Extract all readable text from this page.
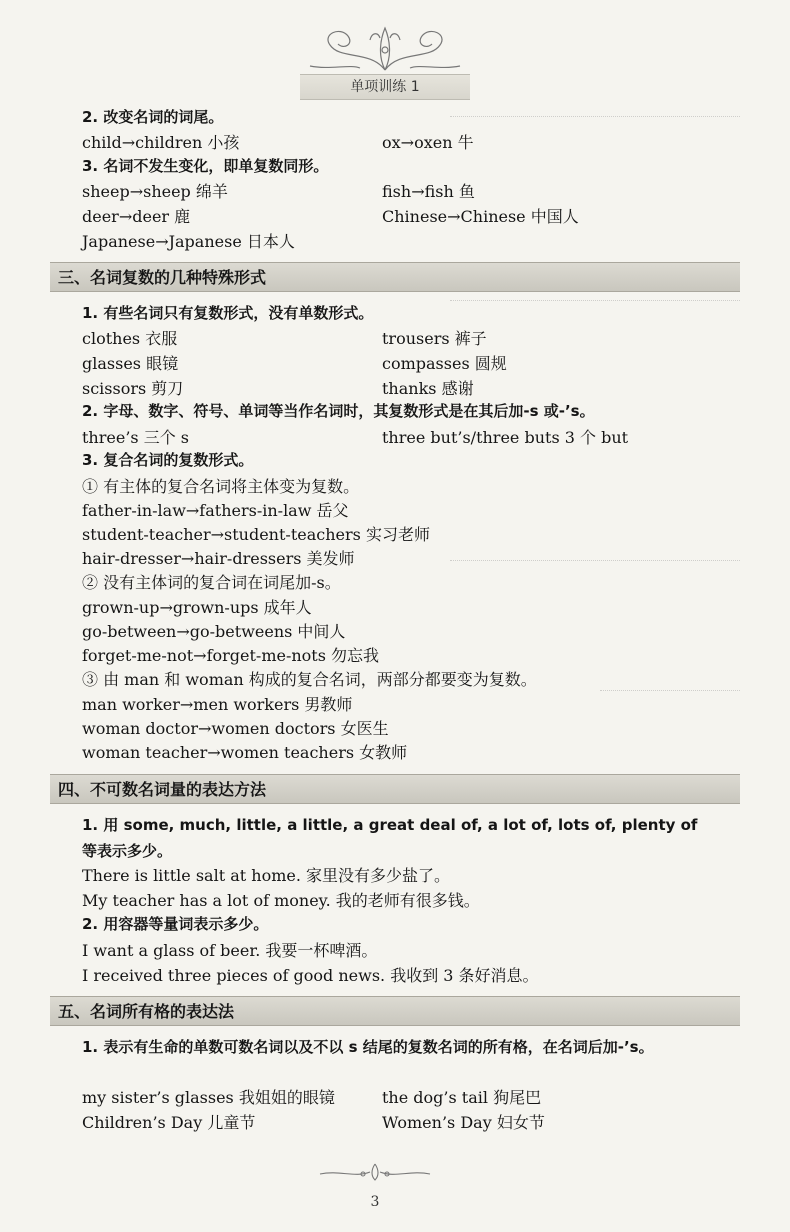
单项训练 1
2. 改变名词的词尾。
child→children 小孩	ox→oxen 牛
3. 名词不发生变化，即单复数同形。
sheep→sheep 绵羊	fish→fish 鱼
deer→deer 鹿	Chinese→Chinese 中国人
Japanese→Japanese 日本人
三、名词复数的几种特殊形式
1. 有些名词只有复数形式，没有单数形式。
clothes 衣服	trousers 裤子
glasses 眼镜	compasses 圆规
scissors 剪刀	thanks 感谢
2. 字母、数字、符号、单词等当作名词时，其复数形式是在其后加-s 或-’s。
three’s 三个 s	three but’s/three buts 3 个 but
3. 复合名词的复数形式。
① 有主体的复合名词将主体变为复数。
father-in-law→fathers-in-law 岳父
student-teacher→student-teachers 实习老师
hair-dresser→hair-dressers 美发师
② 没有主体词的复合词在词尾加-s。
grown-up→grown-ups 成年人
go-between→go-betweens 中间人
forget-me-not→forget-me-nots 勿忘我
③ 由 man 和 woman 构成的复合名词，两部分都要变为复数。
man worker→men workers 男教师
woman doctor→women doctors 女医生
woman teacher→women teachers 女教师
四、不可数名词量的表达方法
1. 用 some, much, little, a little, a great deal of, a lot of, lots of, plenty of 等表示多少。
There is little salt at home. 家里没有多少盐了。
My teacher has a lot of money. 我的老师有很多钱。
2. 用容器等量词表示多少。
I want a glass of beer. 我要一杯啤酒。
I received three pieces of good news. 我收到 3 条好消息。
五、名词所有格的表达法
1. 表示有生命的单数可数名词以及不以 s 结尾的复数名词的所有格，在名词后加-’s。
my sister’s glasses 我姐姐的眼镜	the dog’s tail 狗尾巴
Children’s Day 儿童节	Women’s Day 妇女节
3
